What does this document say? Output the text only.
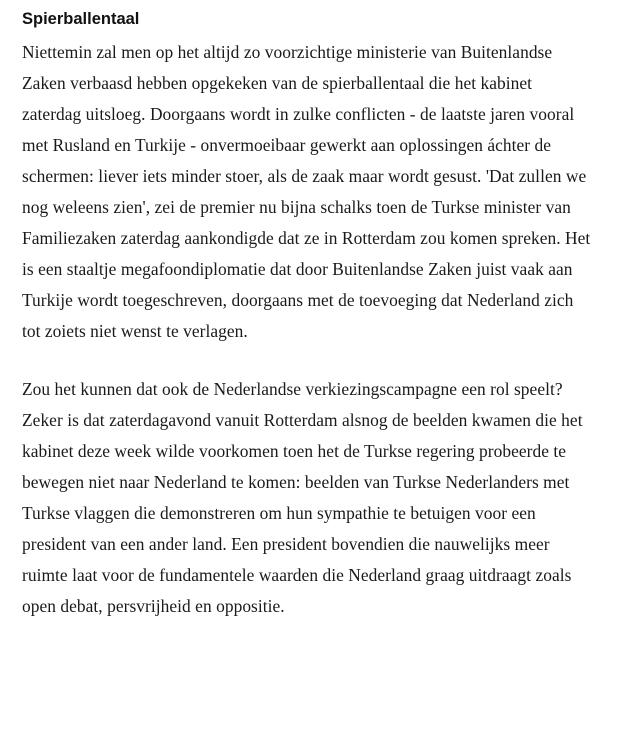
Spierballentaal

Niettemin zal men op het altijd zo voorzichtige ministerie van Buitenlandse Zaken verbaasd hebben opgekeken van de spierballentaal die het kabinet zaterdag uitsloeg. Doorgaans wordt in zulke conflicten - de laatste jaren vooral met Rusland en Turkije - onvermoeibaar gewerkt aan oplossingen áchter de schermen: liever iets minder stoer, als de zaak maar wordt gesust. 'Dat zullen we nog weleens zien', zei de premier nu bijna schalks toen de Turkse minister van Familiezaken zaterdag aankondigde dat ze in Rotterdam zou komen spreken. Het is een staaltje megafoondiplomatie dat door Buitenlandse Zaken juist vaak aan Turkije wordt toegeschreven, doorgaans met de toevoeging dat Nederland zich tot zoiets niet wenst te verlagen.

Zou het kunnen dat ook de Nederlandse verkiezingscampagne een rol speelt? Zeker is dat zaterdagavond vanuit Rotterdam alsnog de beelden kwamen die het kabinet deze week wilde voorkomen toen het de Turkse regering probeerde te bewegen niet naar Nederland te komen: beelden van Turkse Nederlanders met Turkse vlaggen die demonstreren om hun sympathie te betuigen voor een president van een ander land. Een president bovendien die nauwelijks meer ruimte laat voor de fundamentele waarden die Nederland graag uitdraagt zoals open debat, persvrijheid en oppositie.
